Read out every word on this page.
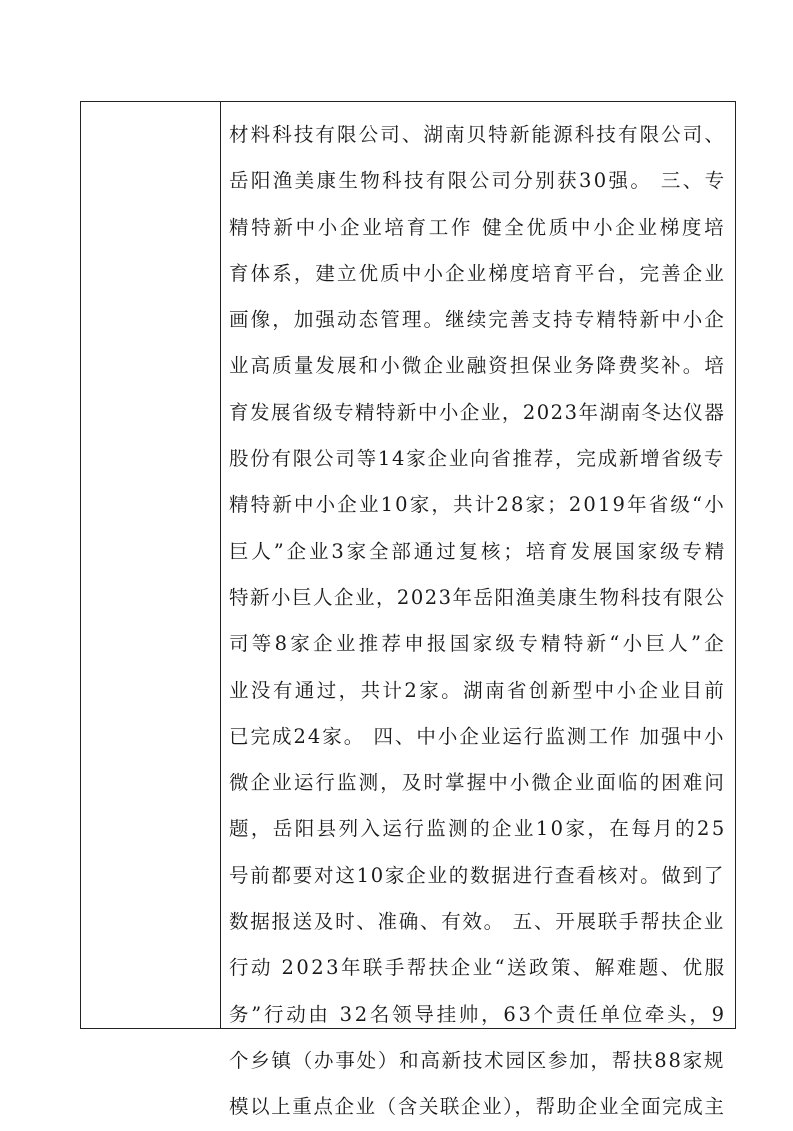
材料科技有限公司、湖南贝特新能源科技有限公司、
岳阳渔美康生物科技有限公司分别获30强。 三、专
精特新中小企业培育工作 健全优质中小企业梯度培
育体系，建立优质中小企业梯度培育平台，完善企业
画像，加强动态管理。继续完善支持专精特新中小企
业高质量发展和小微企业融资担保业务降费奖补。培
育发展省级专精特新中小企业，2023年湖南冬达仪器
股份有限公司等14家企业向省推荐，完成新增省级专
精特新中小企业10家，共计28家；2019年省级“小
巨人”企业3家全部通过复核；培育发展国家级专精
特新小巨人企业，2023年岳阳渔美康生物科技有限公
司等8家企业推荐申报国家级专精特新“小巨人”企
业没有通过，共计2家。湖南省创新型中小企业目前
已完成24家。 四、中小企业运行监测工作 加强中小
微企业运行监测，及时掌握中小微企业面临的困难问
题，岳阳县列入运行监测的企业10家，在每月的25
号前都要对这10家企业的数据进行查看核对。做到了
数据报送及时、准确、有效。 五、开展联手帮扶企业
行动 2023年联手帮扶企业“送政策、解难题、优服
务”行动由 32名领导挂帅，63个责任单位牵头，9
个乡镇（办事处）和高新技术园区参加，帮扶88家规
模以上重点企业（含关联企业），帮助企业全面完成主
